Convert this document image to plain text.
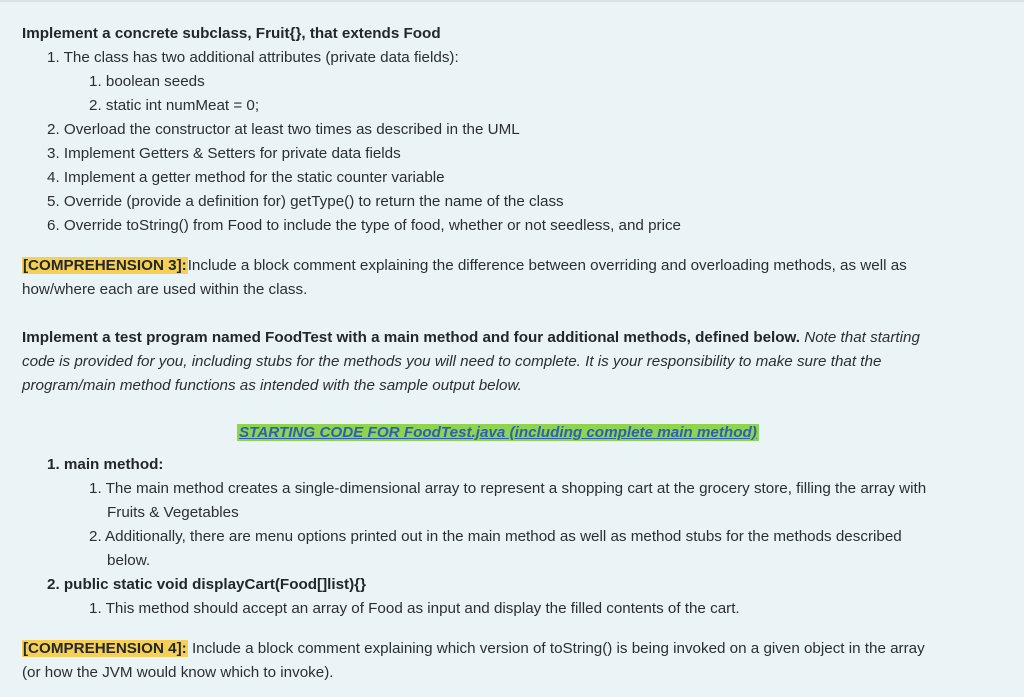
Implement a concrete subclass, Fruit{}, that extends Food
1. The class has two additional attributes (private data fields):
1. boolean seeds
2. static int numMeat = 0;
2. Overload the constructor at least two times as described in the UML
3. Implement Getters & Setters for private data fields
4. Implement a getter method for the static counter variable
5. Override (provide a definition for) getType() to return the name of the class
6. Override toString() from Food to include the type of food, whether or not seedless, and price
[COMPREHENSION 3]:Include a block comment explaining the difference between overriding and overloading methods, as well as
how/where each are used within the class.
Implement a test program named FoodTest with a main method and four additional methods, defined below. Note that starting
code is provided for you, including stubs for the methods you will need to complete. It is your responsibility to make sure that the
program/main method functions as intended with the sample output below.
STARTING CODE FOR FoodTest.java (including complete main method)
1. main method:
1. The main method creates a single-dimensional array to represent a shopping cart at the grocery store, filling the array with
Fruits & Vegetables
2. Additionally, there are menu options printed out in the main method as well as method stubs for the methods described
below.
2. public static void displayCart(Food[]list){}
1. This method should accept an array of Food as input and display the filled contents of the cart.
[COMPREHENSION 4]: Include a block comment explaining which version of toString() is being invoked on a given object in the array
(or how the JVM would know which to invoke).
